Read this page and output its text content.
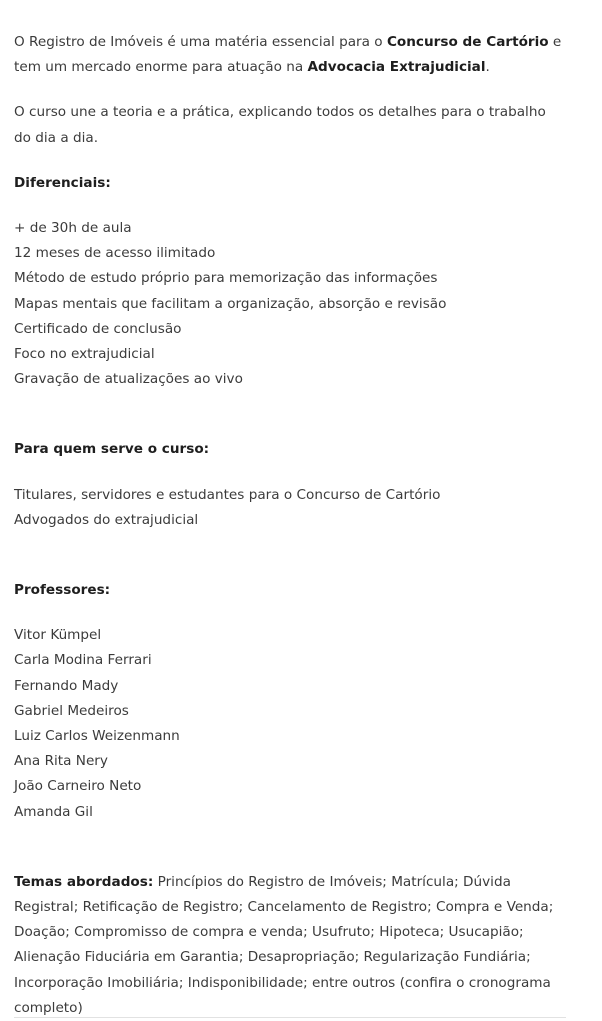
O Registro de Imóveis é uma matéria essencial para o Concurso de Cartório e tem um mercado enorme para atuação na Advocacia Extrajudicial.

O curso une a teoria e a prática, explicando todos os detalhes para o trabalho do dia a dia.

Diferenciais:

+ de 30h de aula
12 meses de acesso ilimitado
Método de estudo próprio para memorização das informações
Mapas mentais que facilitam a organização, absorção e revisão
Certificado de conclusão
Foco no extrajudicial
Gravação de atualizações ao vivo

Para quem serve o curso:

Titulares, servidores e estudantes para o Concurso de Cartório
Advogados do extrajudicial

Professores:

Vitor Kümpel
Carla Modina Ferrari
Fernando Mady
Gabriel Medeiros
Luiz Carlos Weizenmann
Ana Rita Nery
João Carneiro Neto
Amanda Gil

Temas abordados: Princípios do Registro de Imóveis; Matrícula; Dúvida Registral; Retificação de Registro; Cancelamento de Registro; Compra e Venda; Doação; Compromisso de compra e venda; Usufruto; Hipoteca; Usucapião; Alienação Fiduciária em Garantia; Desapropriação; Regularização Fundiária; Incorporação Imobiliária; Indisponibilidade; entre outros (confira o cronograma completo)
